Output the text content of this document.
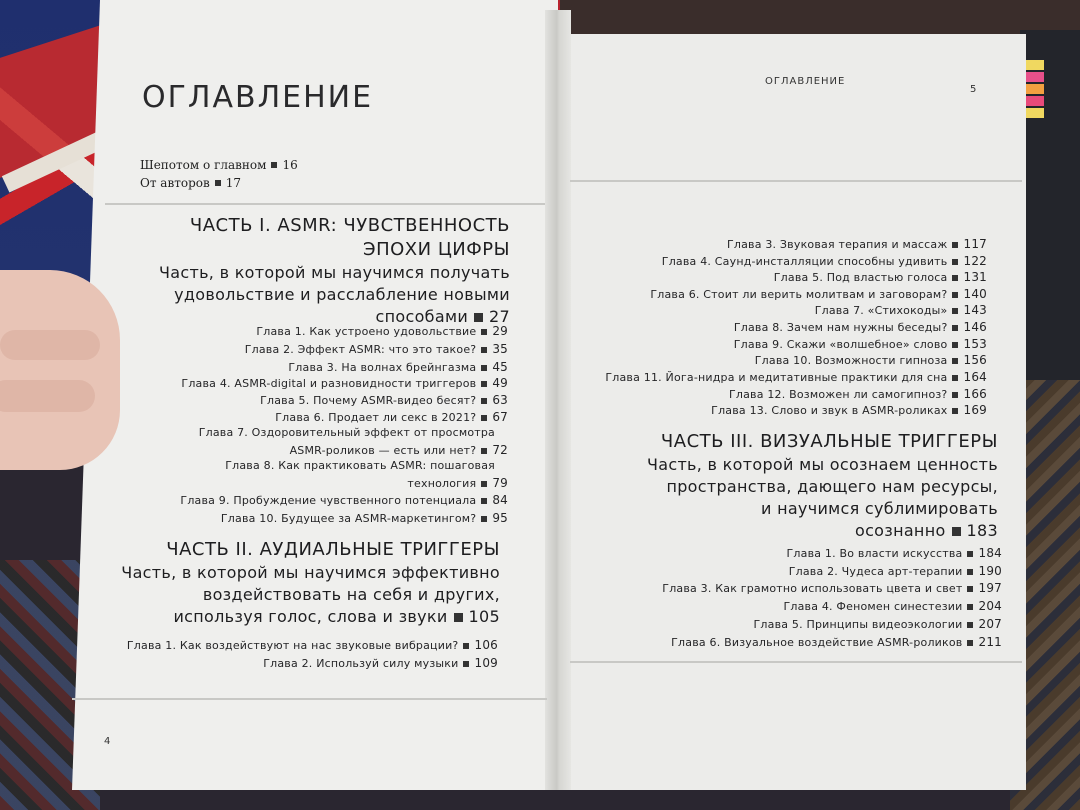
ОГЛАВЛЕНИЕ
Шепотом о главном 16
От авторов 17
ЧАСТЬ I. ASMR: ЧУВСТВЕННОСТЬ
ЭПОХИ ЦИФРЫ
Часть, в которой мы научимся получать
удовольствие и расслабление новыми
способами 27
Глава 1. Как устроено удовольствие 29
Глава 2. Эффект ASMR: что это такое? 35
Глава 3. На волнах брейнгазма 45
Глава 4. ASMR-digital и разновидности триггеров 49
Глава 5. Почему ASMR-видео бесят? 63
Глава 6. Продает ли секс в 2021? 67
Глава 7. Оздоровительный эффект от просмотра
ASMR-роликов — есть или нет? 72
Глава 8. Как практиковать ASMR: пошаговая
технология 79
Глава 9. Пробуждение чувственного потенциала 84
Глава 10. Будущее за ASMR-маркетингом? 95
ЧАСТЬ II. АУДИАЛЬНЫЕ ТРИГГЕРЫ
Часть, в которой мы научимся эффективно
воздействовать на себя и других,
используя голос, слова и звуки 105
Глава 1. Как воздействуют на нас звуковые вибрации? 106
Глава 2. Используй силу музыки 109
4
ОГЛАВЛЕНИЕ
5
Глава 3. Звуковая терапия и массаж 117
Глава 4. Саунд-инсталляции способны удивить 122
Глава 5. Под властью голоса 131
Глава 6. Стоит ли верить молитвам и заговорам? 140
Глава 7. «Стихокоды» 143
Глава 8. Зачем нам нужны беседы? 146
Глава 9. Скажи «волшебное» слово 153
Глава 10. Возможности гипноза 156
Глава 11. Йога-нидра и медитативные практики для сна 164
Глава 12. Возможен ли самогипноз? 166
Глава 13. Слово и звук в ASMR-роликах 169
ЧАСТЬ III. ВИЗУАЛЬНЫЕ ТРИГГЕРЫ
Часть, в которой мы осознаем ценность
пространства, дающего нам ресурсы,
и научимся сублимировать
осознанно 183
Глава 1. Во власти искусства 184
Глава 2. Чудеса арт-терапии 190
Глава 3. Как грамотно использовать цвета и свет 197
Глава 4. Феномен синестезии 204
Глава 5. Принципы видеоэкологии 207
Глава 6. Визуальное воздействие ASMR-роликов 211
